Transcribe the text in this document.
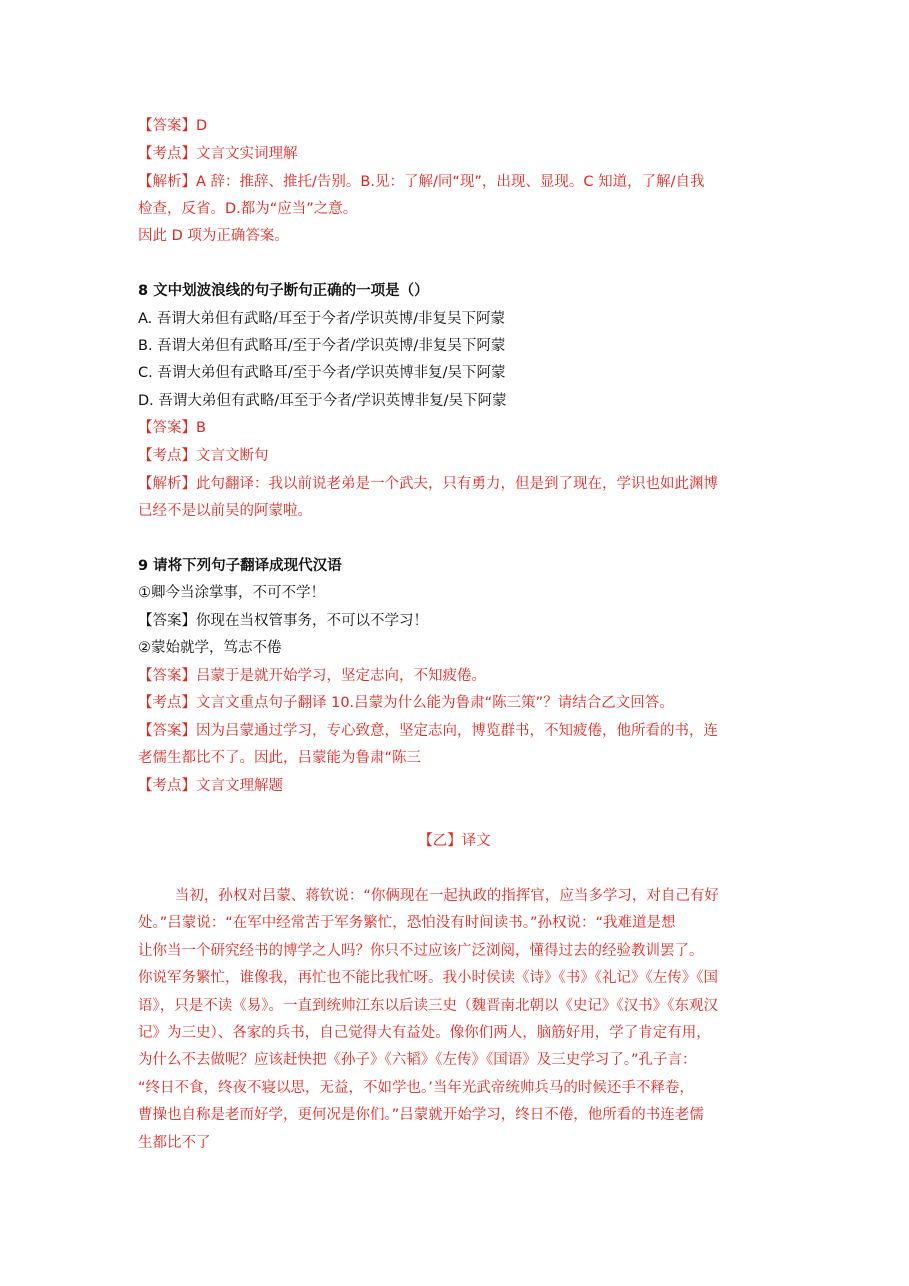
【答案】D
【考点】文言文实词理解
【解析】A 辞：推辞、推托/告别。B.见：了解/同“现”，出现、显现。C 知道，了解/自我
检查，反省。D.都为“应当”之意。
因此 D 项为正确答案。
8 文中划波浪线的句子断句正确的一项是（）
A. 吾谓大弟但有武略/耳至于今者/学识英博/非复吴下阿蒙
B. 吾谓大弟但有武略耳/至于今者/学识英博/非复吴下阿蒙
C. 吾谓大弟但有武略耳/至于今者/学识英博非复/吴下阿蒙
D. 吾谓大弟但有武略/耳至于今者/学识英博非复/吴下阿蒙
【答案】B
【考点】文言文断句
【解析】此句翻译：我以前说老弟是一个武夫，只有勇力，但是到了现在，学识也如此渊博
已经不是以前吴的阿蒙啦。
9 请将下列句子翻译成现代汉语
①卿今当涂掌事，不可不学！
【答案】你现在当权管事务，不可以不学习！
②蒙始就学，笃志不倦
【答案】吕蒙于是就开始学习，坚定志向，不知疲倦。
【考点】文言文重点句子翻译 10.吕蒙为什么能为鲁肃“陈三策”？请结合乙文回答。
【答案】因为吕蒙通过学习，专心致意，坚定志向，博览群书，不知疲倦，他所看的书，连
老儒生都比不了。因此，吕蒙能为鲁肃“陈三
【考点】文言文理解题
【乙】译文
当初，孙权对吕蒙、蒋钦说：“你俩现在一起执政的指挥官，应当多学习，对自己有好
处。”吕蒙说：“在军中经常苦于军务繁忙，恐怕没有时间读书。”孙权说：“我难道是想
让你当一个研究经书的博学之人吗？你只不过应该广泛浏阅，懂得过去的经验教训罢了。
你说军务繁忙，谁像我，再忙也不能比我忙呀。我小时侯读《诗》《书》《礼记》《左传》《国
语》，只是不读《易》。一直到统帅江东以后读三史（魏晋南北朝以《史记》《汉书》《东观汉
记》为三史）、各家的兵书，自己觉得大有益处。像你们两人，脑筋好用，学了肯定有用，
为什么不去做呢？应该赶快把《孙子》《六韬》《左传》《国语》及三史学习了。”孔子言：
“终日不食，终夜不寝以思，无益，不如学也。’当年光武帝统帅兵马的时候还手不释卷，
曹操也自称是老而好学，更何况是你们。”吕蒙就开始学习，终日不倦，他所看的书连老儒
生都比不了
